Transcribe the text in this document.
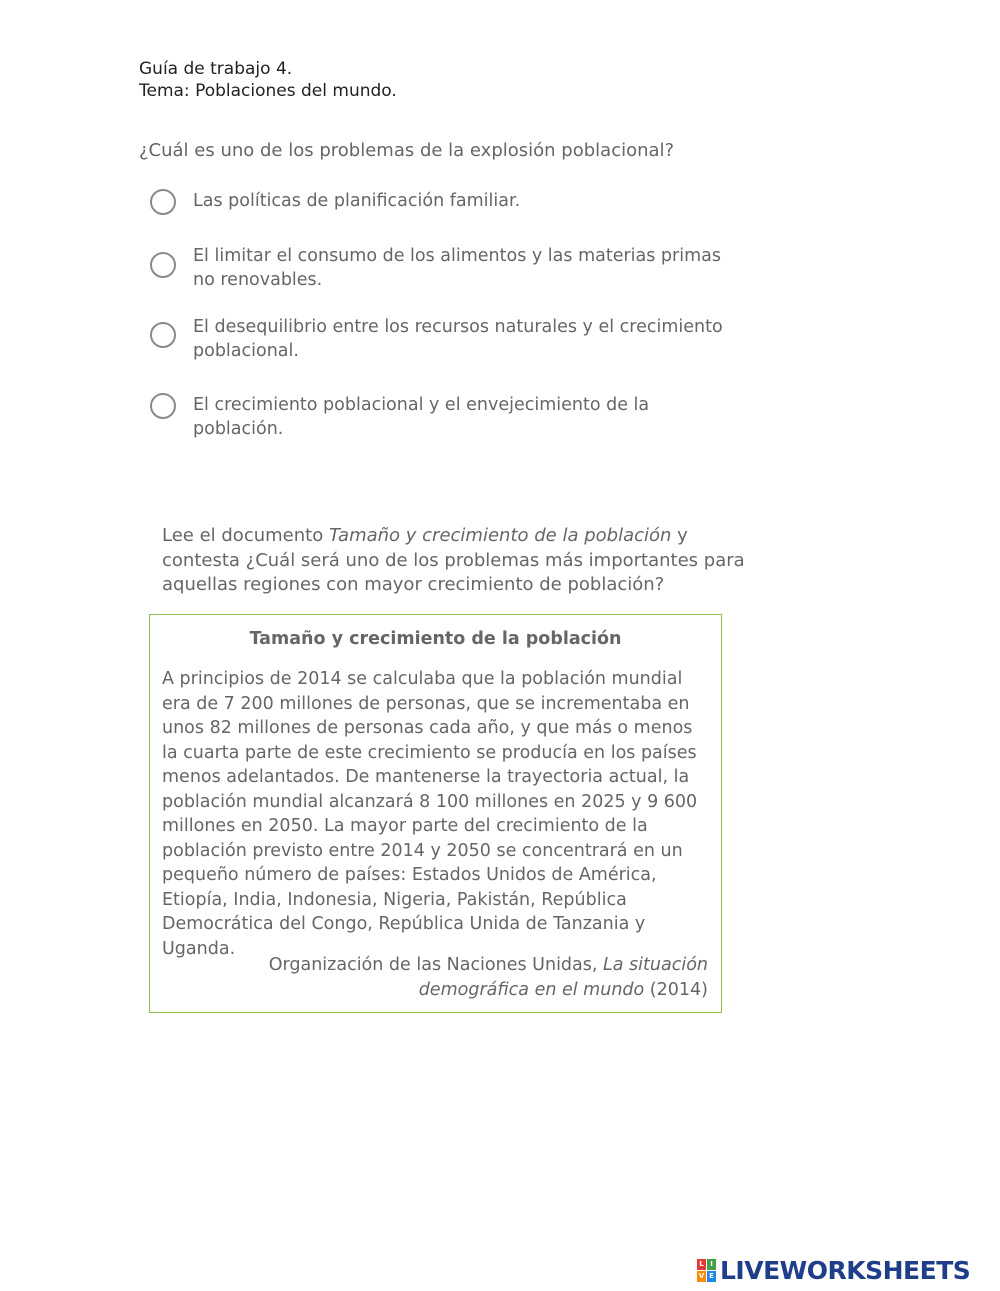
Guía de trabajo 4.
Tema: Poblaciones del mundo.
¿Cuál es uno de los problemas de la explosión poblacional?
Las políticas de planificación familiar.
El limitar el consumo de los alimentos y las materias primas no renovables.
El desequilibrio entre los recursos naturales y el crecimiento poblacional.
El crecimiento poblacional y el envejecimiento de la población.
Lee el documento Tamaño y crecimiento de la población y contesta ¿Cuál será uno de los problemas más importantes para aquellas regiones con mayor crecimiento de población?
Tamaño y crecimiento de la población
A principios de 2014 se calculaba que la población mundial era de 7 200 millones de personas, que se incrementaba en unos 82 millones de personas cada año, y que más o menos la cuarta parte de este crecimiento se producía en los países menos adelantados. De mantenerse la trayectoria actual, la población mundial alcanzará 8 100 millones en 2025 y 9 600 millones en 2050. La mayor parte del crecimiento de la población previsto entre 2014 y 2050 se concentrará en un pequeño número de países: Estados Unidos de América, Etiopía, India, Indonesia, Nigeria, Pakistán, República Democrática del Congo, República Unida de Tanzania y Uganda.
Organización de las Naciones Unidas, La situación demográfica en el mundo (2014)
L I
V E LIVEWORKSHEETS
